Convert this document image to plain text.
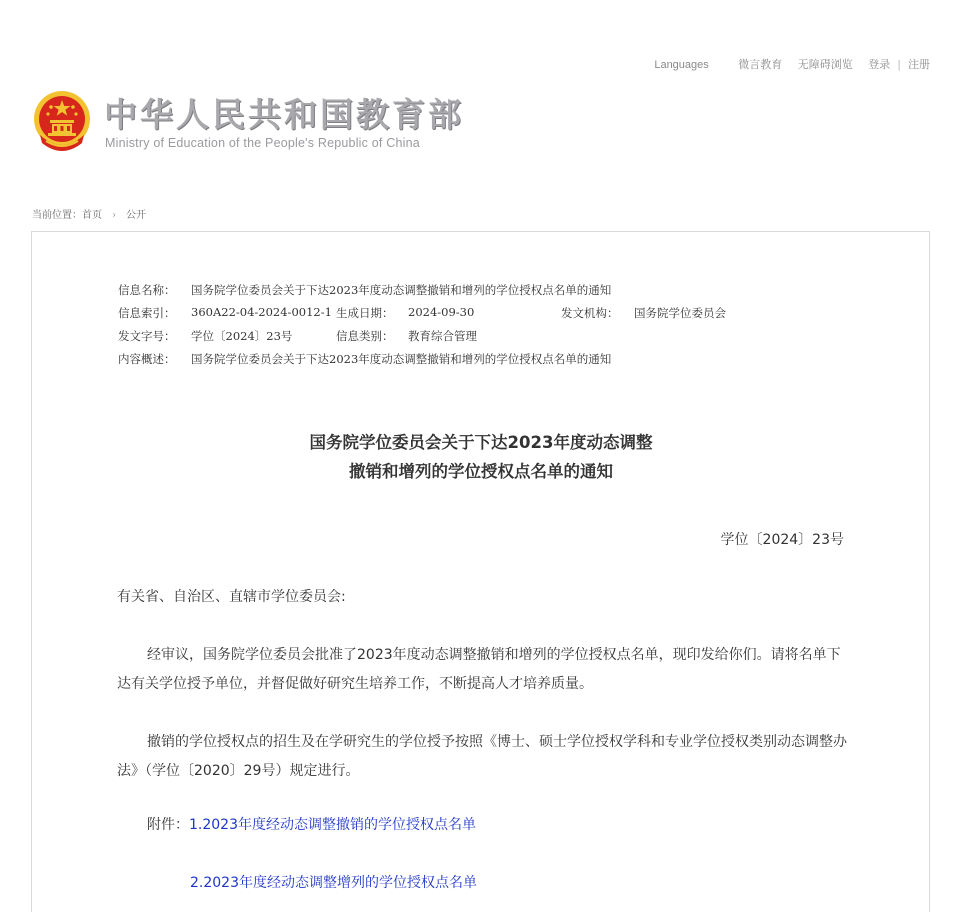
Languages	微言教育 无障碍浏览 登录 | 注册
中华人民共和国教育部
Ministry of Education of the People's Republic of China
当前位置：首页 › 公开
信息名称： 国务院学位委员会关于下达2023年度动态调整撤销和增列的学位授权点名单的通知
信息索引： 360A22-04-2024-0012-1 生成日期： 2024-09-30	发文机构： 国务院学位委员会
发文字号： 学位〔2024〕23号	信息类别： 教育综合管理
内容概述： 国务院学位委员会关于下达2023年度动态调整撤销和增列的学位授权点名单的通知
国务院学位委员会关于下达2023年度动态调整
撤销和增列的学位授权点名单的通知
学位〔2024〕23号
有关省、自治区、直辖市学位委员会:
经审议，国务院学位委员会批准了2023年度动态调整撤销和增列的学位授权点名单，现印发给你们。请将名单下达有关学位授予单位，并督促做好研究生培养工作，不断提高人才培养质量。
撤销的学位授权点的招生及在学研究生的学位授予按照《博士、硕士学位授权学科和专业学位授权类别动态调整办法》（学位〔2020〕29号）规定进行。
附件：1.2023年度经动态调整撤销的学位授权点名单
2.2023年度经动态调整增列的学位授权点名单
